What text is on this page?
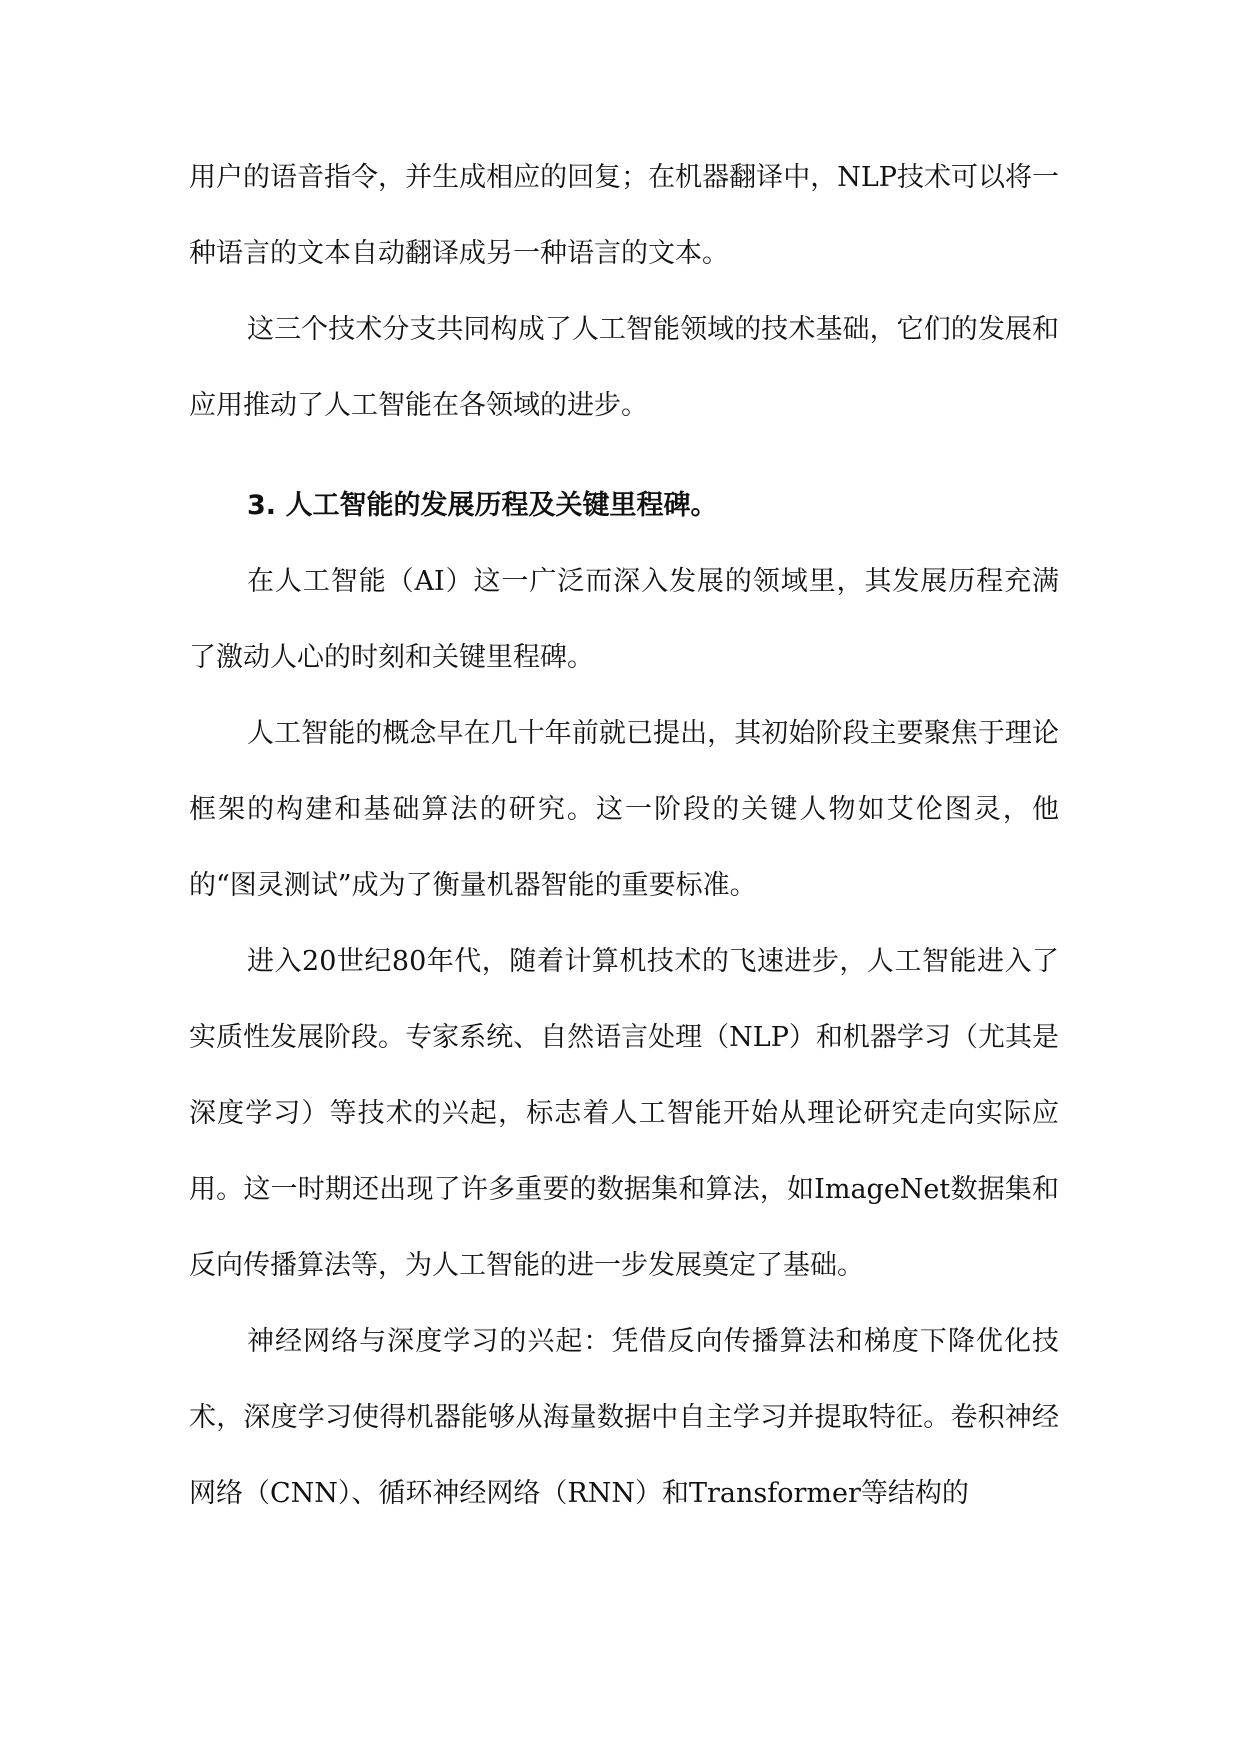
用户的语音指令，并生成相应的回复；在机器翻译中，NLP技术可以将一种语言的文本自动翻译成另一种语言的文本。

这三个技术分支共同构成了人工智能领域的技术基础，它们的发展和应用推动了人工智能在各领域的进步。

3. 人工智能的发展历程及关键里程碑。

在人工智能（AI）这一广泛而深入发展的领域里，其发展历程充满了激动人心的时刻和关键里程碑。

人工智能的概念早在几十年前就已提出，其初始阶段主要聚焦于理论框架的构建和基础算法的研究。这一阶段的关键人物如艾伦图灵，他的“图灵测试”成为了衡量机器智能的重要标准。

进入20世纪80年代，随着计算机技术的飞速进步，人工智能进入了实质性发展阶段。专家系统、自然语言处理（NLP）和机器学习（尤其是深度学习）等技术的兴起，标志着人工智能开始从理论研究走向实际应用。这一时期还出现了许多重要的数据集和算法，如ImageNet数据集和反向传播算法等，为人工智能的进一步发展奠定了基础。

神经网络与深度学习的兴起：凭借反向传播算法和梯度下降优化技术，深度学习使得机器能够从海量数据中自主学习并提取特征。卷积神经网络（CNN）、循环神经网络（RNN）和Transformer等结构的
